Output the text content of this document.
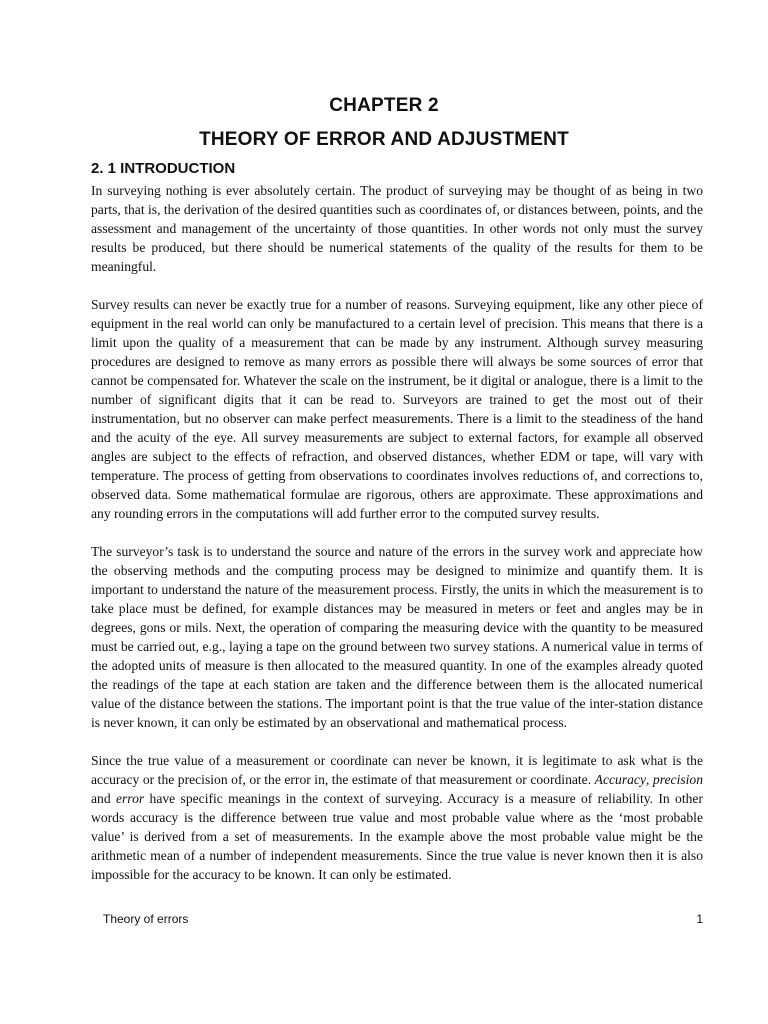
CHAPTER 2
THEORY OF ERROR AND ADJUSTMENT
2. 1 INTRODUCTION

In surveying nothing is ever absolutely certain. The product of surveying may be thought of as being in two parts, that is, the derivation of the desired quantities such as coordinates of, or distances between, points, and the assessment and management of the uncertainty of those quantities. In other words not only must the survey results be produced, but there should be numerical statements of the quality of the results for them to be meaningful.

Survey results can never be exactly true for a number of reasons. Surveying equipment, like any other piece of equipment in the real world can only be manufactured to a certain level of precision. This means that there is a limit upon the quality of a measurement that can be made by any instrument. Although survey measuring procedures are designed to remove as many errors as possible there will always be some sources of error that cannot be compensated for. Whatever the scale on the instrument, be it digital or analogue, there is a limit to the number of significant digits that it can be read to. Surveyors are trained to get the most out of their instrumentation, but no observer can make perfect measurements. There is a limit to the steadiness of the hand and the acuity of the eye. All survey measurements are subject to external factors, for example all observed angles are subject to the effects of refraction, and observed distances, whether EDM or tape, will vary with temperature. The process of getting from observations to coordinates involves reductions of, and corrections to, observed data. Some mathematical formulae are rigorous, others are approximate. These approximations and any rounding errors in the computations will add further error to the computed survey results.

The surveyor’s task is to understand the source and nature of the errors in the survey work and appreciate how the observing methods and the computing process may be designed to minimize and quantify them. It is important to understand the nature of the measurement process. Firstly, the units in which the measurement is to take place must be defined, for example distances may be measured in meters or feet and angles may be in degrees, gons or mils. Next, the operation of comparing the measuring device with the quantity to be measured must be carried out, e.g., laying a tape on the ground between two survey stations. A numerical value in terms of the adopted units of measure is then allocated to the measured quantity. In one of the examples already quoted the readings of the tape at each station are taken and the difference between them is the allocated numerical value of the distance between the stations. The important point is that the true value of the inter-station distance is never known, it can only be estimated by an observational and mathematical process.

Since the true value of a measurement or coordinate can never be known, it is legitimate to ask what is the accuracy or the precision of, or the error in, the estimate of that measurement or coordinate. Accuracy, precision and error have specific meanings in the context of surveying. Accuracy is a measure of reliability. In other words accuracy is the difference between true value and most probable value where as the ‘most probable value’ is derived from a set of measurements. In the example above the most probable value might be the arithmetic mean of a number of independent measurements. Since the true value is never known then it is also impossible for the accuracy to be known. It can only be estimated.

Theory of errors	1
